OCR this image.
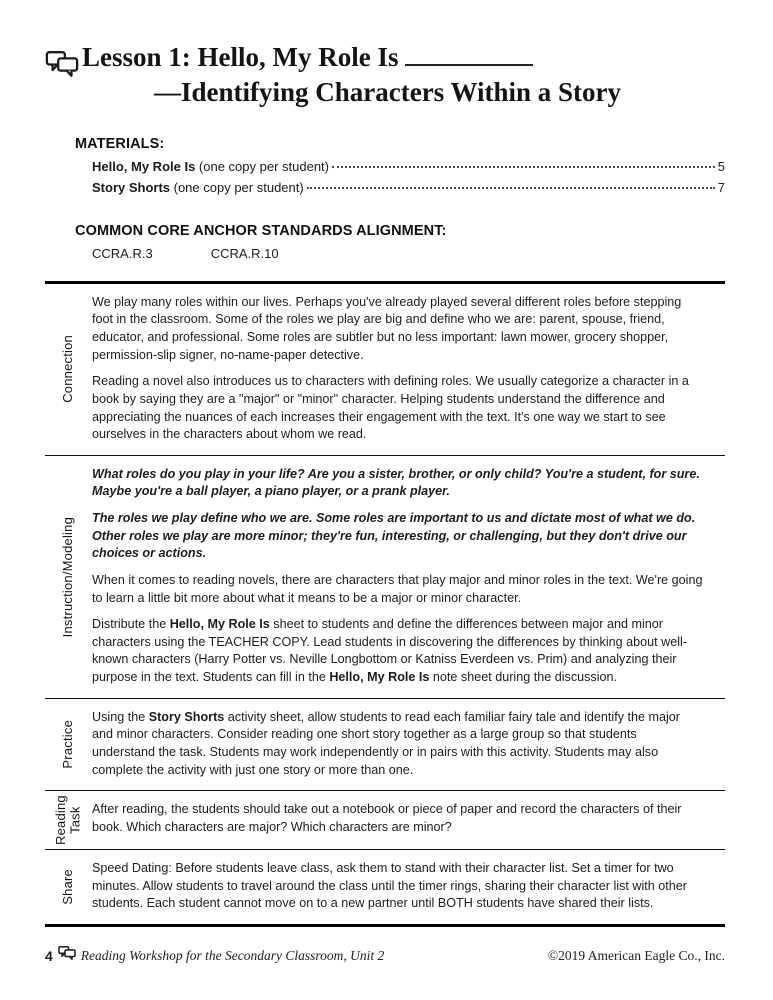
Lesson 1: Hello, My Role Is
—Identifying Characters Within a Story
MATERIALS:
Hello, My Role Is (one copy per student)	5
Story Shorts (one copy per student)	7
COMMON CORE ANCHOR STANDARDS ALIGNMENT:
CCRA.R.3	CCRA.R.10
Connection

We play many roles within our lives. Perhaps you've already played several different roles before stepping foot in the classroom. Some of the roles we play are big and define who we are: parent, spouse, friend, educator, and professional. Some roles are subtler but no less important: lawn mower, grocery shopper, permission-slip signer, no-name-paper detective.

Reading a novel also introduces us to characters with defining roles. We usually categorize a character in a book by saying they are a "major" or "minor" character. Helping students understand the difference and appreciating the nuances of each increases their engagement with the text. It's one way we start to see ourselves in the characters about whom we read.

Instruction/Modeling

What roles do you play in your life? Are you a sister, brother, or only child? You're a student, for sure. Maybe you're a ball player, a piano player, or a prank player.

The roles we play define who we are. Some roles are important to us and dictate most of what we do. Other roles we play are more minor; they're fun, interesting, or challenging, but they don't drive our choices or actions.

When it comes to reading novels, there are characters that play major and minor roles in the text. We're going to learn a little bit more about what it means to be a major or minor character.

Distribute the Hello, My Role Is sheet to students and define the differences between major and minor characters using the TEACHER COPY. Lead students in discovering the differences by thinking about well-known characters (Harry Potter vs. Neville Longbottom or Katniss Everdeen vs. Prim) and analyzing their purpose in the text. Students can fill in the Hello, My Role Is note sheet during the discussion.

Practice

Using the Story Shorts activity sheet, allow students to read each familiar fairy tale and identify the major and minor characters. Consider reading one short story together as a large group so that students understand the task. Students may work independently or in pairs with this activity. Students may also complete the activity with just one story or more than one.

Reading Task After reading, the students should take out a notebook or piece of paper and record the characters of their book. Which characters are major? Which characters are minor?

Share

Speed Dating: Before students leave class, ask them to stand with their character list. Set a timer for two minutes. Allow students to travel around the class until the timer rings, sharing their character list with other students. Each student cannot move on to a new partner until BOTH students have shared their lists.

4 Reading Workshop for the Secondary Classroom, Unit 2	©2019 American Eagle Co., Inc.
